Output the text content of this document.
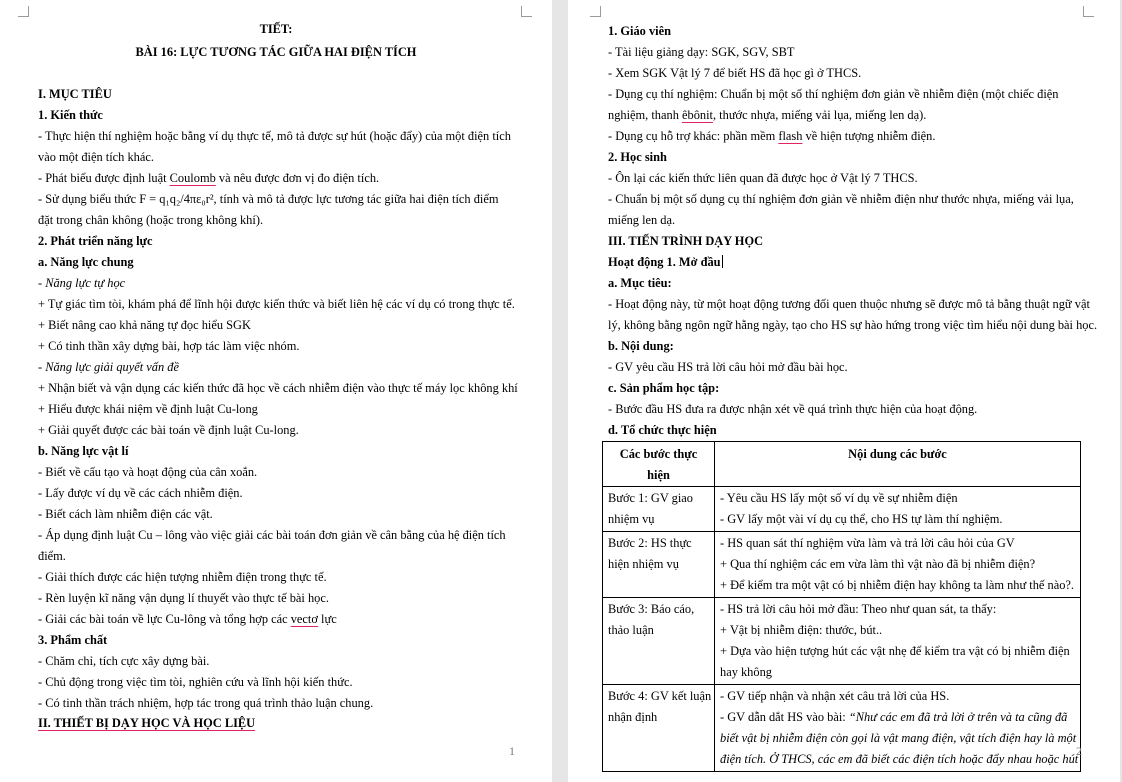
TIẾT:
BÀI 16: LỰC TƯƠNG TÁC GIỮA HAI ĐIỆN TÍCH
I. MỤC TIÊU
1. Kiến thức
- Thực hiện thí nghiệm hoặc bằng ví dụ thực tế, mô tả được sự hút (hoặc đẩy) của một điện tích
vào một điện tích khác.
- Phát biểu được định luật Coulomb và nêu được đơn vị đo điện tích.
- Sử dụng biểu thức F = q₁q₂/4πε₀r², tính và mô tả được lực tương tác giữa hai điện tích điểm
đặt trong chân không (hoặc trong không khí).
2. Phát triển năng lực
a. Năng lực chung
- Năng lực tự học
+ Tự giác tìm tòi, khám phá để lĩnh hội được kiến thức và biết liên hệ các ví dụ có trong thực tế.
+ Biết nâng cao khả năng tự đọc hiểu SGK
+ Có tinh thần xây dựng bài, hợp tác làm việc nhóm.
- Năng lực giải quyết vấn đề
+ Nhận biết và vận dụng các kiến thức đã học về cách nhiễm điện vào thực tế máy lọc không khí
+ Hiểu được khái niệm về định luật Cu-long
+ Giải quyết được các bài toán về định luật Cu-long.
b. Năng lực vật lí
- Biết về cấu tạo và hoạt động của cân xoắn.
- Lấy được ví dụ về các cách nhiễm điện.
- Biết cách làm nhiễm điện các vật.
- Áp dụng định luật Cu – lông vào việc giải các bài toán đơn giản về cân bằng của hệ điện tích
điểm.
- Giải thích được các hiện tượng nhiễm điện trong thực tế.
- Rèn luyện kĩ năng vận dụng lí thuyết vào thực tế bài học.
- Giải các bài toán về lực Cu-lông và tổng hợp các vectơ lực
3. Phẩm chất
- Chăm chỉ, tích cực xây dựng bài.
- Chủ động trong việc tìm tòi, nghiên cứu và lĩnh hội kiến thức.
- Có tinh thần trách nhiệm, hợp tác trong quá trình thảo luận chung.
II. THIẾT BỊ DẠY HỌC VÀ HỌC LIỆU
1
1. Giáo viên
- Tài liệu giảng dạy: SGK, SGV, SBT
- Xem SGK Vật lý 7 để biết HS đã học gì ở THCS.
- Dụng cụ thí nghiệm: Chuẩn bị một số thí nghiệm đơn giản về nhiễm điện (một chiếc điện
nghiệm, thanh êbônit, thước nhựa, miếng vải lụa, miếng len dạ).
- Dụng cụ hỗ trợ khác: phần mềm flash về hiện tượng nhiễm điện.
2. Học sinh
- Ôn lại các kiến thức liên quan đã được học ở Vật lý 7 THCS.
- Chuẩn bị một số dụng cụ thí nghiệm đơn giản về nhiễm điện như thước nhựa, miếng vải lụa,
miếng len dạ.
III. TIẾN TRÌNH DẠY HỌC
Hoạt động 1. Mở đầu
a. Mục tiêu:
- Hoạt động này, từ một hoạt động tương đối quen thuộc nhưng sẽ được mô tả bằng thuật ngữ vật
lý, không bằng ngôn ngữ hằng ngày, tạo cho HS sự hào hứng trong việc tìm hiểu nội dung bài học.
b. Nội dung:
- GV yêu cầu HS trả lời câu hỏi mở đầu bài học.
c. Sản phẩm học tập:
- Bước đầu HS đưa ra được nhận xét về quá trình thực hiện của hoạt động.
d. Tổ chức thực hiện
Các bước thực hiện	Nội dung các bước

Bước 1: GV giao
nhiệm vụ	- Yêu cầu HS lấy một số ví dụ về sự nhiễm điện
- GV lấy một vài ví dụ cụ thể, cho HS tự làm thí nghiệm.

Bước 2: HS thực
hiện nhiệm vụ	- HS quan sát thí nghiệm vừa làm và trả lời câu hỏi của GV
+ Qua thí nghiệm các em vừa làm thì vật nào đã bị nhiễm điện?
+ Để kiểm tra một vật có bị nhiễm điện hay không ta làm như thế nào?.

Bước 3: Báo cáo,
thảo luận	- HS trả lời câu hỏi mở đầu: Theo như quan sát, ta thấy:
+ Vật bị nhiễm điện: thước, bút..
+ Dựa vào hiện tượng hút các vật nhẹ để kiểm tra vật có bị nhiễm điện
hay không

Bước 4: GV kết luận
nhận định	- GV tiếp nhận và nhận xét câu trả lời của HS.
- GV dẫn dắt HS vào bài: “Như các em đã trả lời ở trên và ta cũng đã
biết vật bị nhiễm điện còn gọi là vật mang điện, vật tích điện hay là một
điện tích. Ở THCS, các em đã biết các điện tích hoặc đẩy nhau hoặc hút
2
